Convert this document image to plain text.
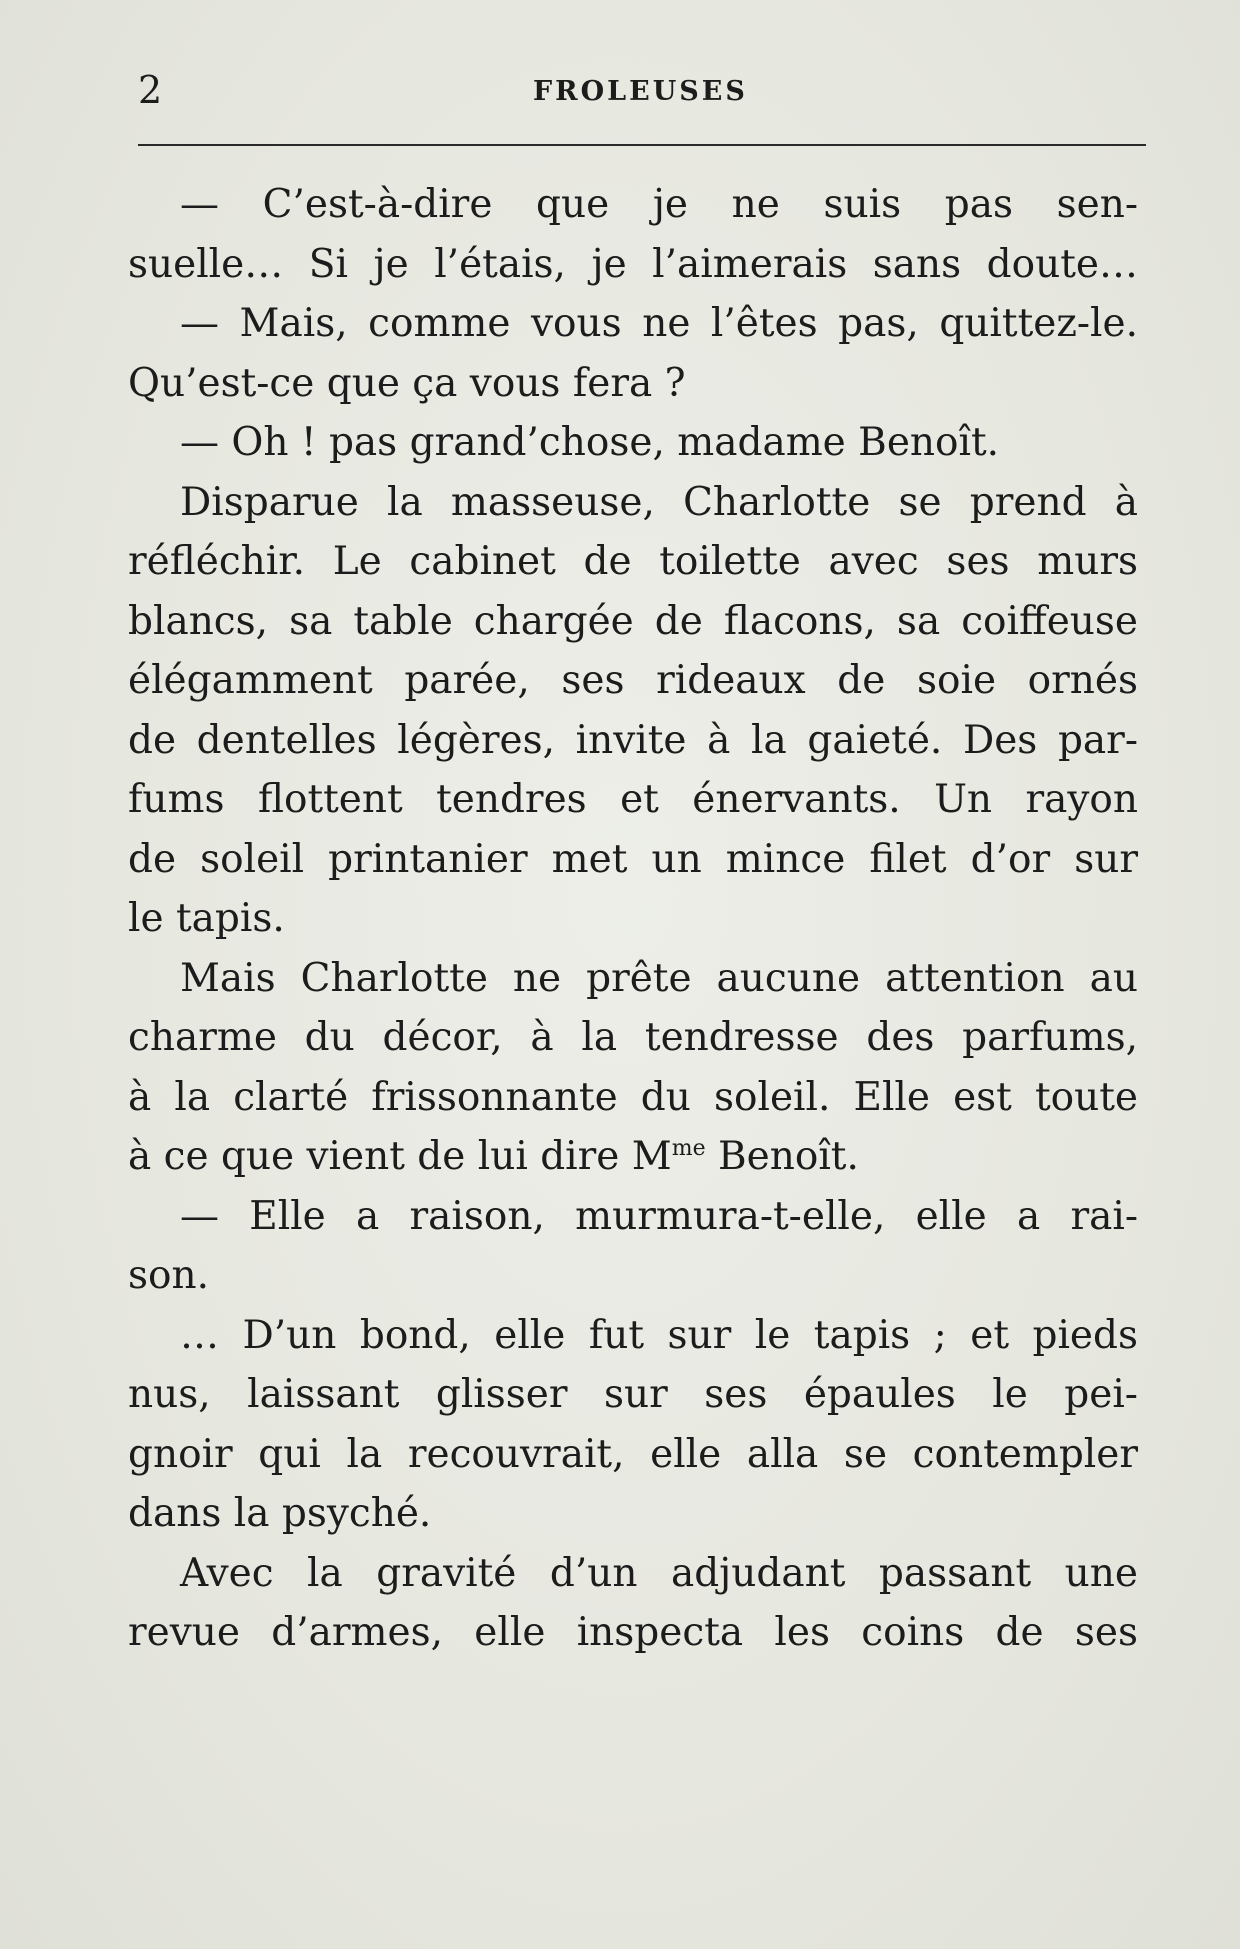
2	FROLEUSES
— C’est-à-dire que je ne suis pas sen-
suelle… Si je l’étais, je l’aimerais sans doute…
— Mais, comme vous ne l’êtes pas, quittez-le.
Qu’est-ce que ça vous fera ?
— Oh ! pas grand’chose, madame Benoît.
Disparue la masseuse, Charlotte se prend à
réfléchir. Le cabinet de toilette avec ses murs
blancs, sa table chargée de flacons, sa coiffeuse
élégamment parée, ses rideaux de soie ornés
de dentelles légères, invite à la gaieté. Des par-
fums flottent tendres et énervants. Un rayon
de soleil printanier met un mince filet d’or sur
le tapis.
Mais Charlotte ne prête aucune attention au
charme du décor, à la tendresse des parfums,
à la clarté frissonnante du soleil. Elle est toute
à ce que vient de lui dire $M^{me}$ Benoît.
— Elle a raison, murmura-t-elle, elle a rai-
son.
… D’un bond, elle fut sur le tapis ; et pieds
nus, laissant glisser sur ses épaules le pei-
gnoir qui la recouvrait, elle alla se contempler
dans la psyché.
Avec la gravité d’un adjudant passant une
revue d’armes, elle inspecta les coins de ses
